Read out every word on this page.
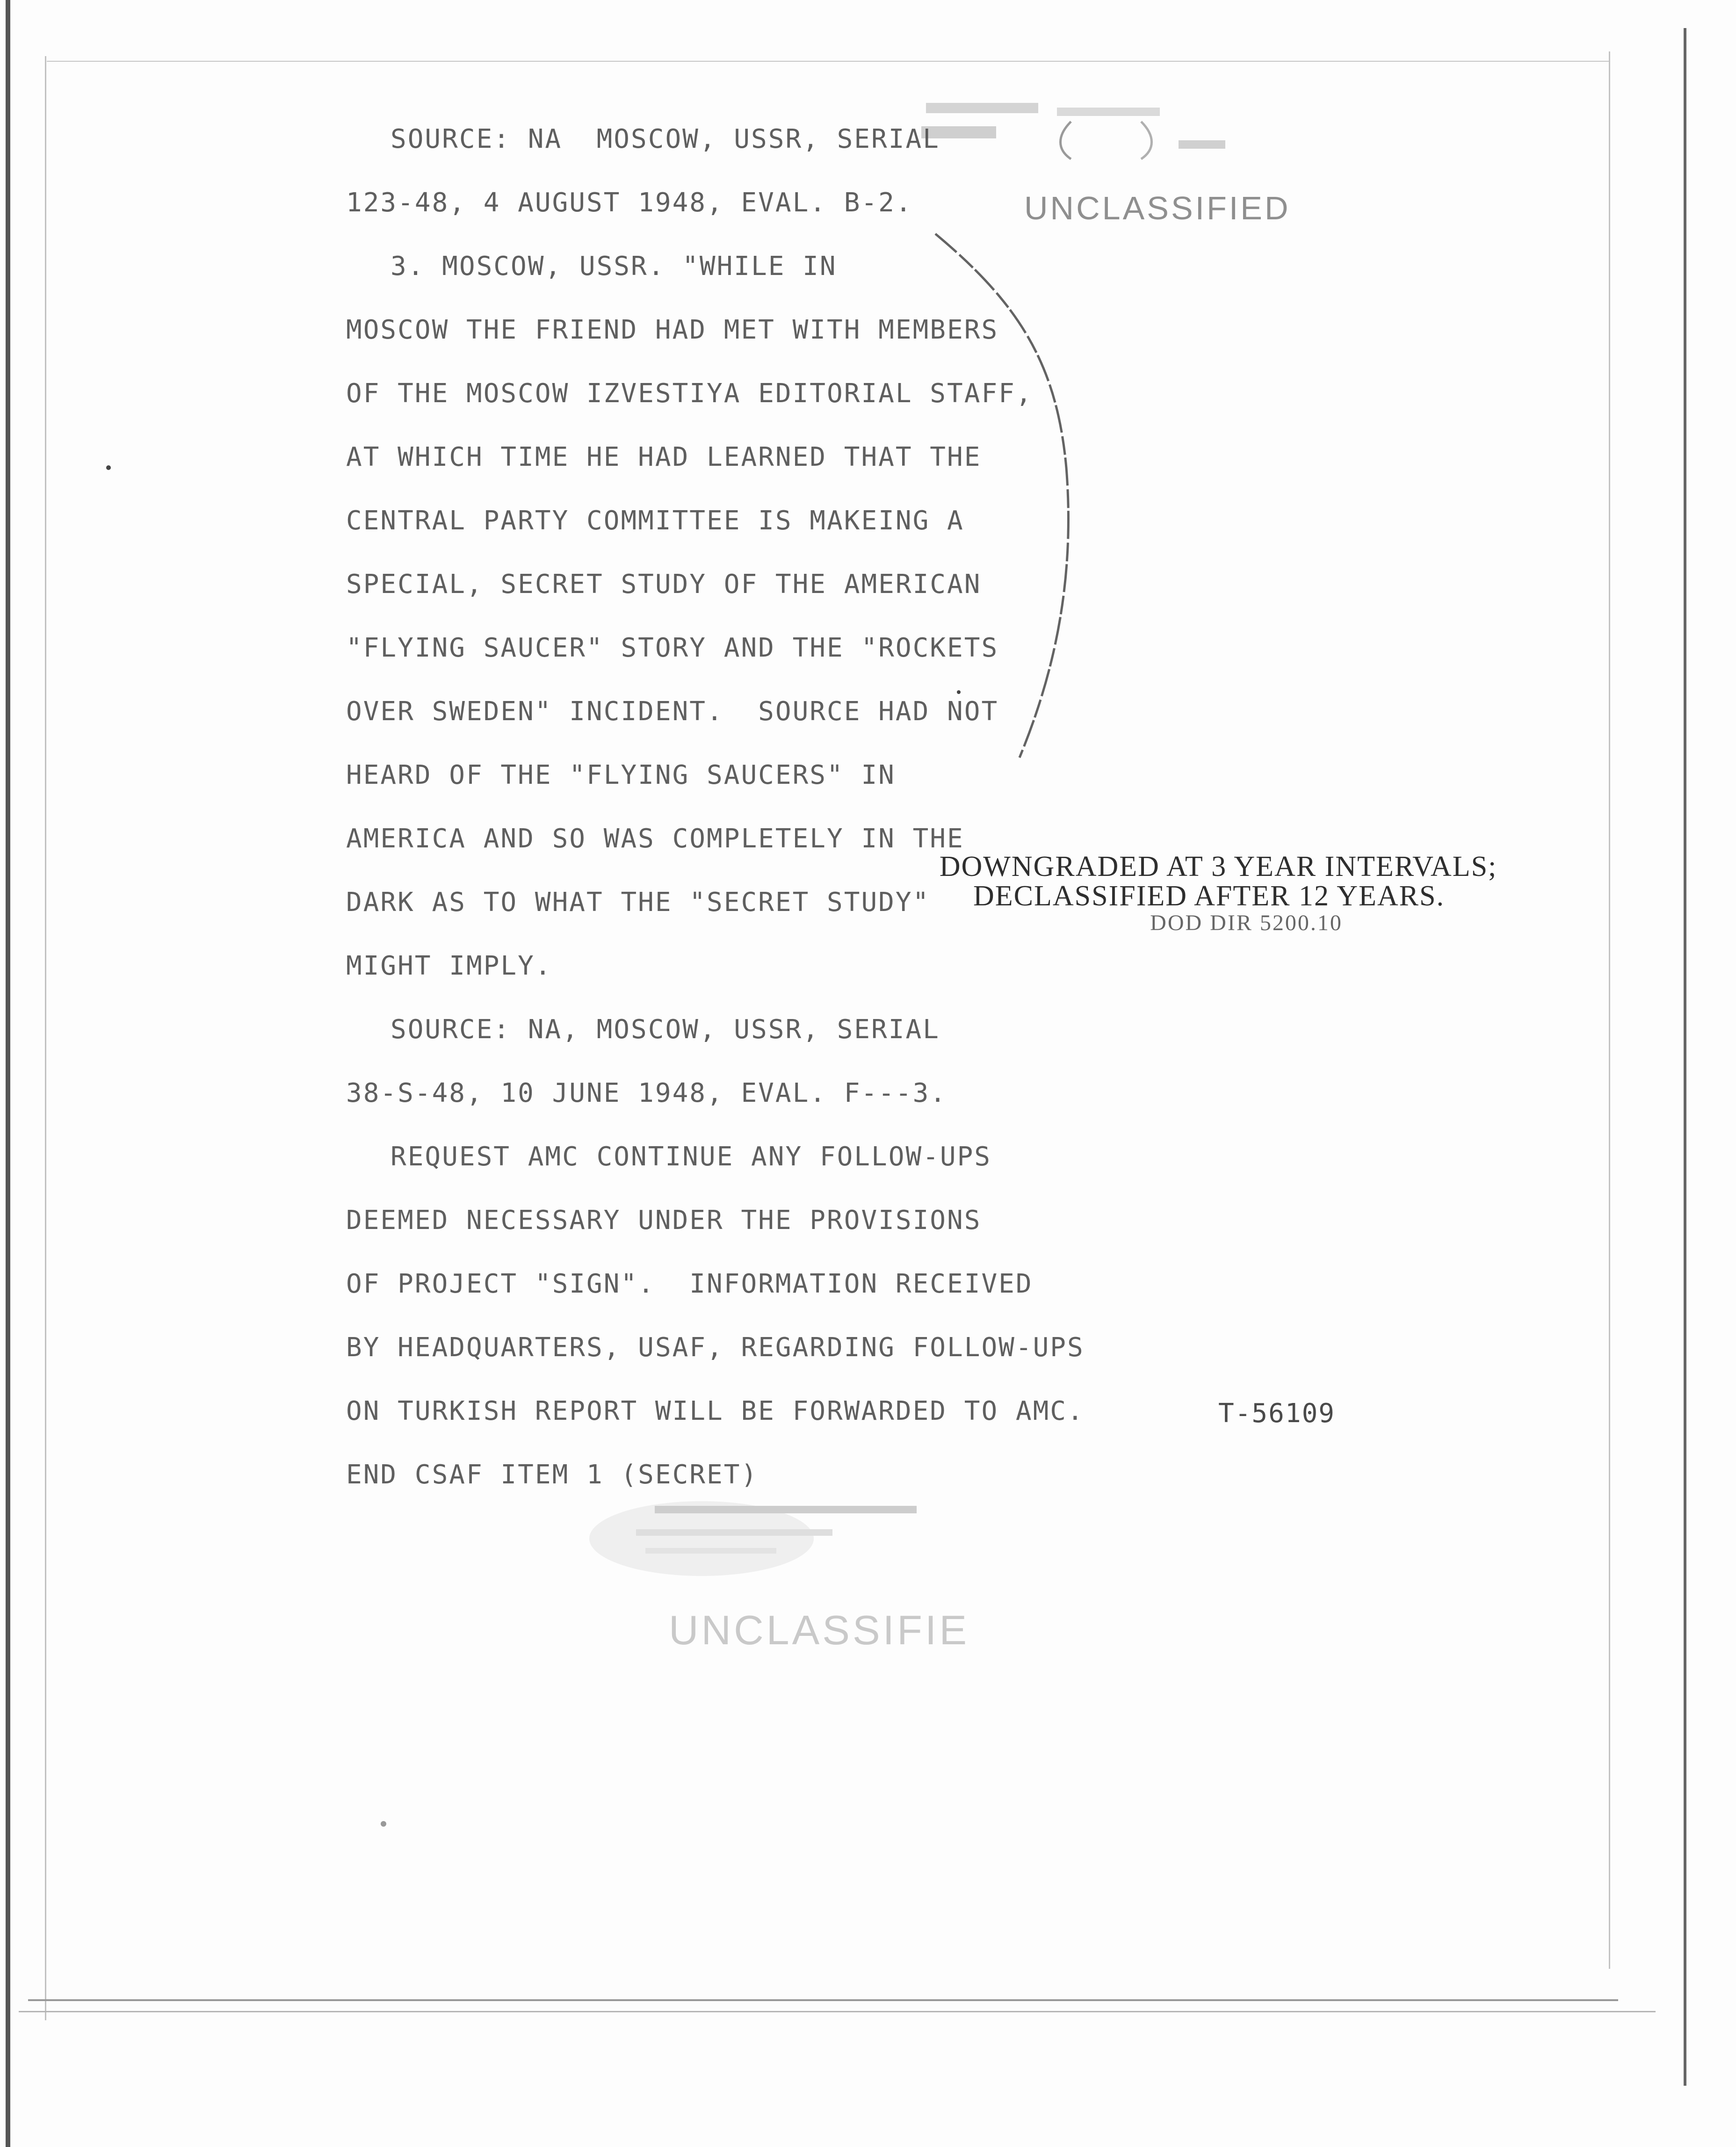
SOURCE: NA  MOSCOW, USSR, SERIAL
123-48, 4 AUGUST 1948, EVAL. B-2.
3. MOSCOW, USSR. "WHILE IN
MOSCOW THE FRIEND HAD MET WITH MEMBERS
OF THE MOSCOW IZVESTIYA EDITORIAL STAFF,
AT WHICH TIME HE HAD LEARNED THAT THE
CENTRAL PARTY COMMITTEE IS MAKEING A
SPECIAL, SECRET STUDY OF THE AMERICAN
"FLYING SAUCER" STORY AND THE "ROCKETS
OVER SWEDEN" INCIDENT.  SOURCE HAD NOT
HEARD OF THE "FLYING SAUCERS" IN
AMERICA AND SO WAS COMPLETELY IN THE
DARK AS TO WHAT THE "SECRET STUDY"
MIGHT IMPLY.
SOURCE: NA, MOSCOW, USSR, SERIAL
38-S-48, 10 JUNE 1948, EVAL. F---3.
REQUEST AMC CONTINUE ANY FOLLOW-UPS
DEEMED NECESSARY UNDER THE PROVISIONS
OF PROJECT "SIGN".  INFORMATION RECEIVED
BY HEADQUARTERS, USAF, REGARDING FOLLOW-UPS
ON TURKISH REPORT WILL BE FORWARDED TO AMC.
END CSAF ITEM 1 (SECRET)
UNCLASSIFIED
DOWNGRADED AT 3 YEAR INTERVALS;
DECLASSIFIED AFTER 12 YEARS.
DOD DIR 5200.10
T-56109
UNCLASSIFIE
